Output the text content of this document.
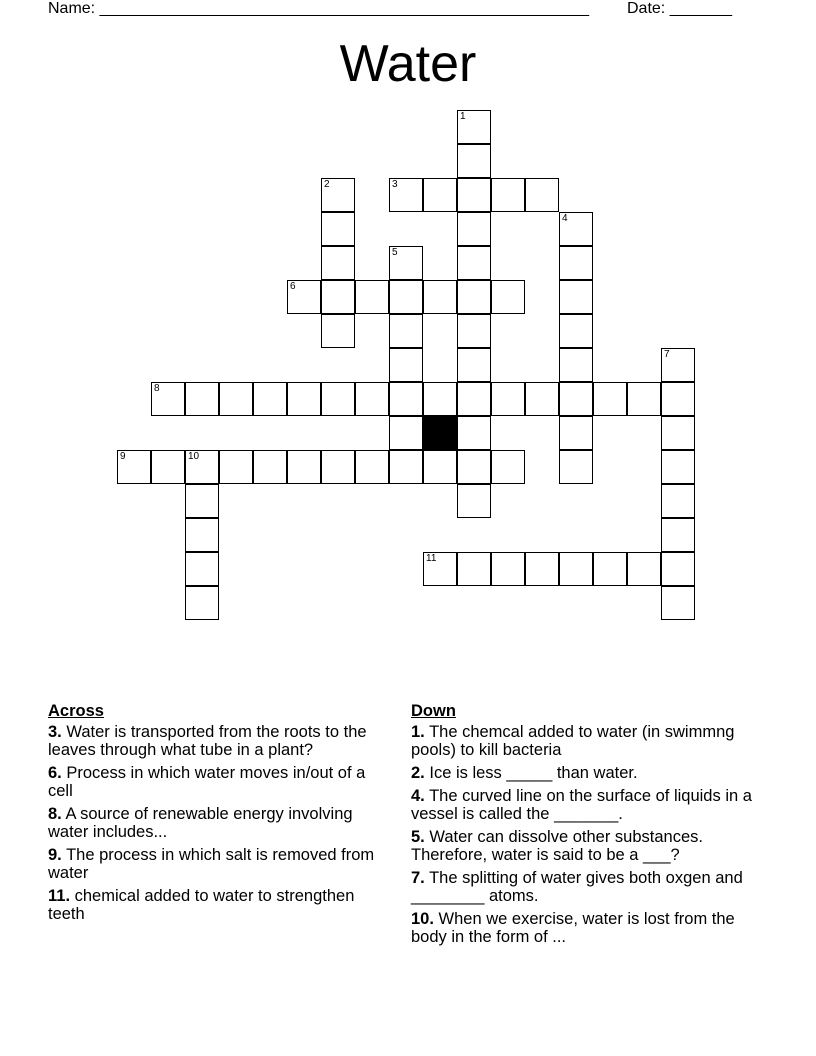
Name: _______________________________________________________ Date: _______
Water
1
2	3
4
5
6
7
8
9	10
11
Across
3. Water is transported from the roots to the leaves through what tube in a plant?
6. Process in which water moves in/out of a cell
8. A source of renewable energy involving water includes...
9. The process in which salt is removed from water
11. chemical added to water to strengthen teeth
Down
1. The chemcal added to water (in swimmng pools) to kill bacteria
2. Ice is less _____ than water.
4. The curved line on the surface of liquids in a vessel is called the _______.
5. Water can dissolve other substances. Therefore, water is said to be a ___?
7. The splitting of water gives both oxgen and ________ atoms.
10. When we exercise, water is lost from the body in the form of ...
